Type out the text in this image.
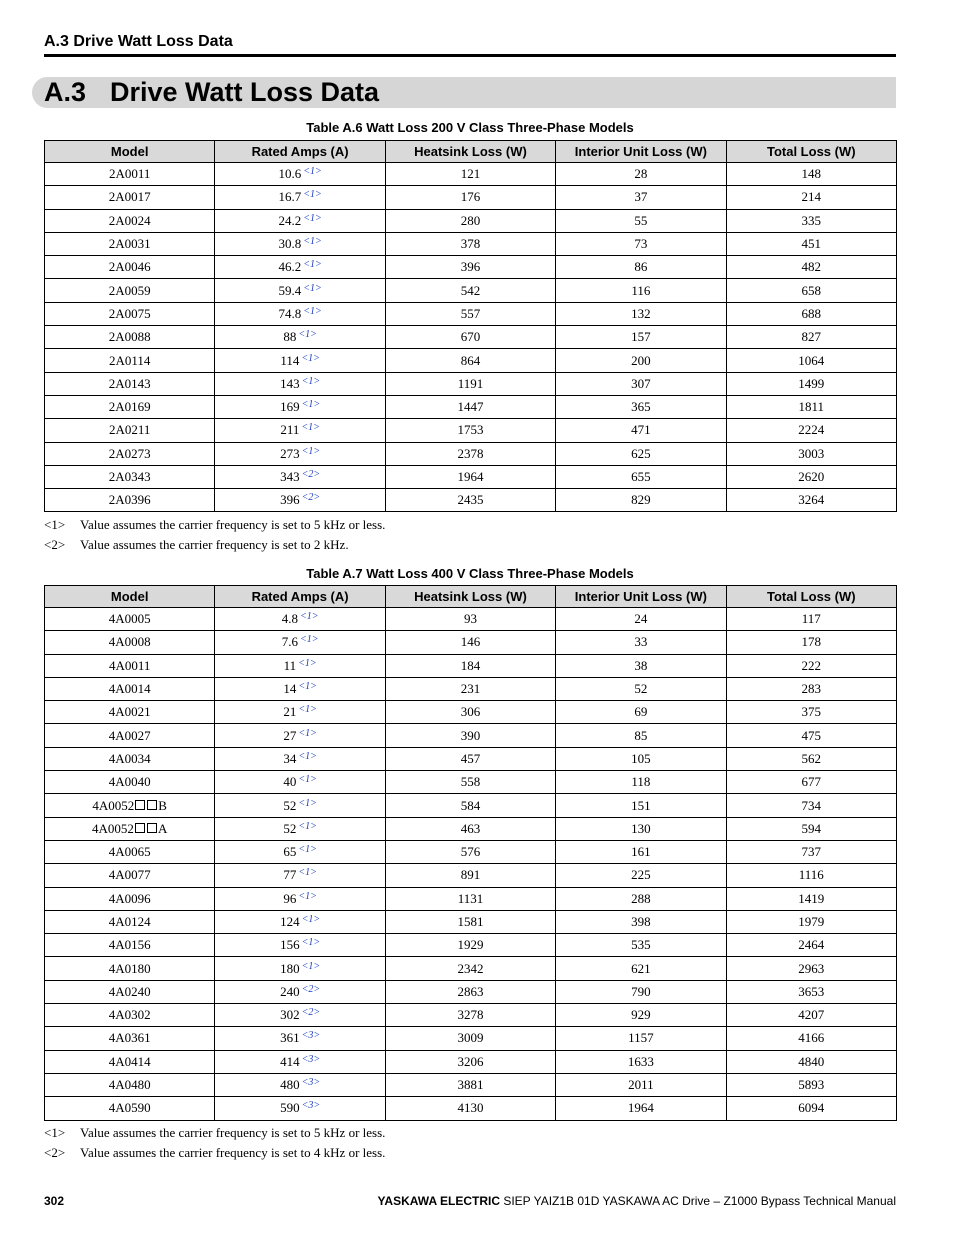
A.3 Drive Watt Loss Data
A.3 Drive Watt Loss Data
Table A.6 Watt Loss 200 V Class Three-Phase Models
Model	Rated Amps (A)	Heatsink Loss (W)	Interior Unit Loss (W)	Total Loss (W)
2A0011	10.6 $^{<1>}$	121	28	148
2A0017	16.7 $^{<1>}$	176	37	214
2A0024	24.2 $^{<1>}$	280	55	335
2A0031	30.8 $^{<1>}$	378	73	451
2A0046	46.2 $^{<1>}$	396	86	482
2A0059	59.4 $^{<1>}$	542	116	658
2A0075	74.8 $^{<1>}$	557	132	688
2A0088	88 $^{<1>}$	670	157	827
2A0114	114 $^{<1>}$	864	200	1064
2A0143	143 $^{<1>}$	1191	307	1499
2A0169	169 $^{<1>}$	1447	365	1811
2A0211	211 $^{<1>}$	1753	471	2224
2A0273	273 $^{<1>}$	2378	625	3003
2A0343	343 $^{<2>}$	1964	655	2620
2A0396	396 $^{<2>}$	2435	829	3264
<1> Value assumes the carrier frequency is set to 5 kHz or less.
<2> Value assumes the carrier frequency is set to 2 kHz.
Table A.7 Watt Loss 400 V Class Three-Phase Models
Model	Rated Amps (A)	Heatsink Loss (W)	Interior Unit Loss (W)	Total Loss (W)
4A0005	4.8 $^{<1>}$	93	24	117
4A0008	7.6 $^{<1>}$	146	33	178
4A0011	11 $^{<1>}$	184	38	222
4A0014	14 $^{<1>}$	231	52	283
4A0021	21 $^{<1>}$	306	69	375
4A0027	27 $^{<1>}$	390	85	475
4A0034	34 $^{<1>}$	457	105	562
4A0040	40 $^{<1>}$	558	118	677
4A0052 B	52 $^{<1>}$	584	151	734
4A0052 A	52 $^{<1>}$	463	130	594
4A0065	65 $^{<1>}$	576	161	737
4A0077	77 $^{<1>}$	891	225	1116
4A0096	96 $^{<1>}$	1131	288	1419
4A0124	124 $^{<1>}$	1581	398	1979
4A0156	156 $^{<1>}$	1929	535	2464
4A0180	180 $^{<1>}$	2342	621	2963
4A0240	240 $^{<2>}$	2863	790	3653
4A0302	302 $^{<2>}$	3278	929	4207
4A0361	361 $^{<3>}$	3009	1157	4166
4A0414	414 $^{<3>}$	3206	1633	4840
4A0480	480 $^{<3>}$	3881	2011	5893
4A0590	590 $^{<3>}$	4130	1964	6094
<1> Value assumes the carrier frequency is set to 5 kHz or less.
<2> Value assumes the carrier frequency is set to 4 kHz or less.
302	YASKAWA ELECTRIC SIEP YAIZ1B 01D YASKAWA AC Drive – Z1000 Bypass Technical Manual
